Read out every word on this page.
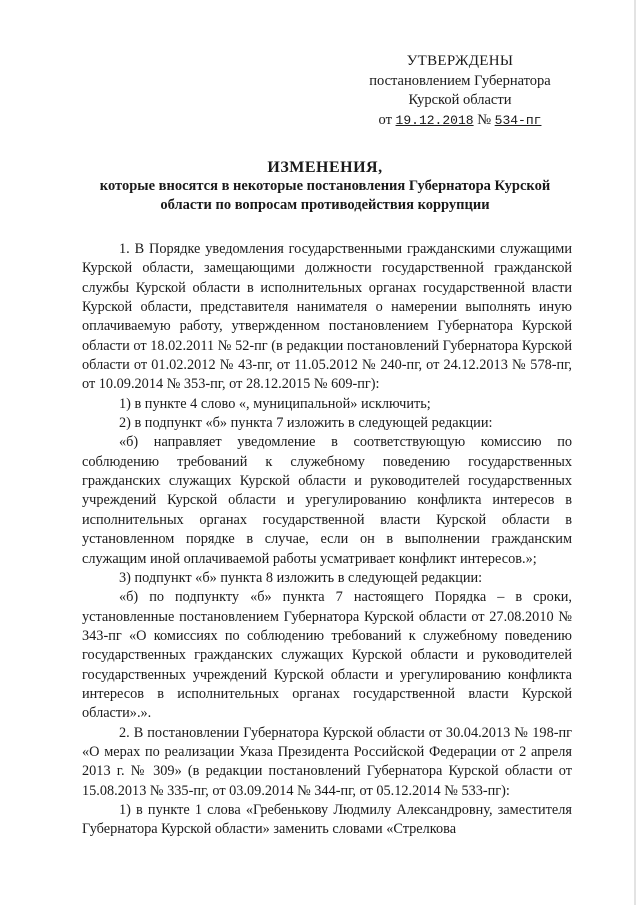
УТВЕРЖДЕНЫ
постановлением Губернатора
Курской области
от 19.12.2018 № 534-пг
ИЗМЕНЕНИЯ,
которые вносятся в некоторые постановления Губернатора Курской
области по вопросам противодействия коррупции

1. В Порядке уведомления государственными гражданскими служащими Курской области, замещающими должности государственной гражданской службы Курской области в исполнительных органах государственной власти Курской области, представителя нанимателя о намерении выполнять иную оплачиваемую работу, утвержденном постановлением Губернатора Курской области от 18.02.2011 № 52-пг (в редакции постановлений Губернатора Курской области от 01.02.2012 № 43-пг, от 11.05.2012 № 240-пг, от 24.12.2013 № 578-пг, от 10.09.2014 № 353-пг, от 28.12.2015 № 609-пг):

1) в пункте 4 слово «, муниципальной» исключить;

2) в подпункт «б» пункта 7 изложить в следующей редакции:

«б) направляет уведомление в соответствующую комиссию по соблюдению требований к служебному поведению государственных гражданских служащих Курской области и руководителей государственных учреждений Курской области и урегулированию конфликта интересов в исполнительных органах государственной власти Курской области в установленном порядке в случае, если он в выполнении гражданским служащим иной оплачиваемой работы усматривает конфликт интересов.»;

3) подпункт «б» пункта 8 изложить в следующей редакции:

«б) по подпункту «б» пункта 7 настоящего Порядка – в сроки, установленные постановлением Губернатора Курской области от 27.08.2010 № 343-пг «О комиссиях по соблюдению требований к служебному поведению государственных гражданских служащих Курской области и руководителей государственных учреждений Курской области и урегулированию конфликта интересов в исполнительных органах государственной власти Курской области».».

2. В постановлении Губернатора Курской области от 30.04.2013 № 198-пг «О мерах по реализации Указа Президента Российской Федерации от 2 апреля 2013 г. № 309» (в редакции постановлений Губернатора Курской области от 15.08.2013 № 335-пг, от 03.09.2014 № 344-пг, от 05.12.2014 № 533-пг):

1) в пункте 1 слова «Гребенькову Людмилу Александровну, заместителя Губернатора Курской области» заменить словами «Стрелкова
